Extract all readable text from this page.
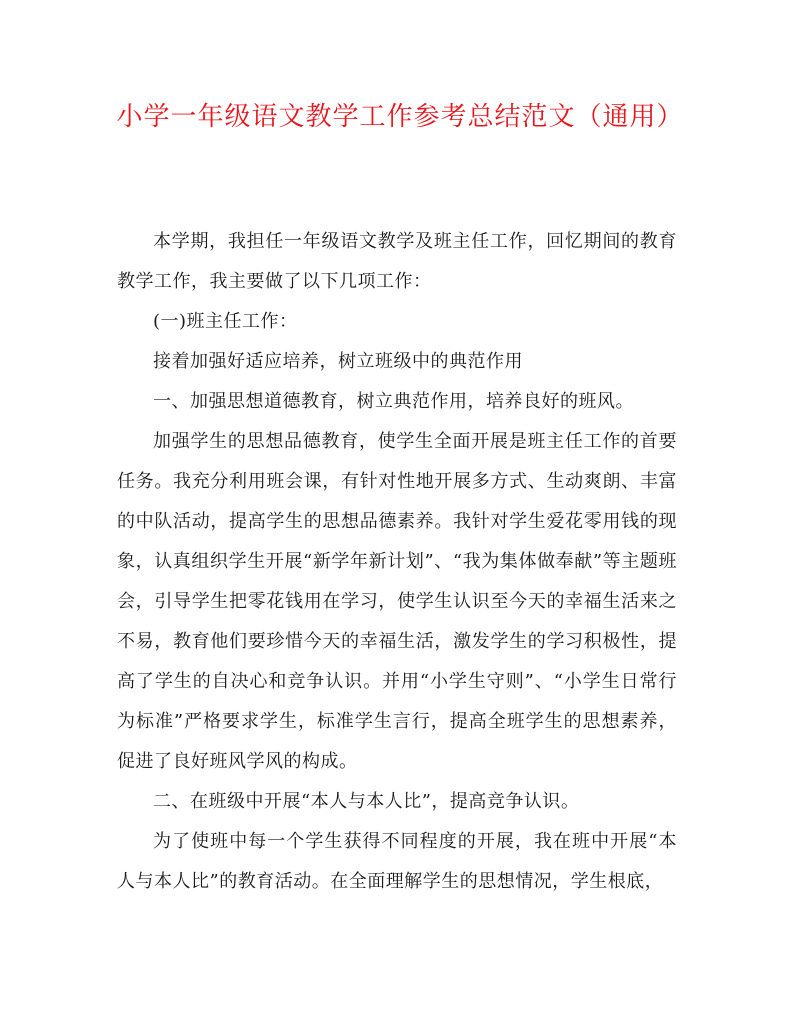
小学一年级语文教学工作参考总结范文（通用）

本学期，我担任一年级语文教学及班主任工作，回忆期间的教育教学工作，我主要做了以下几项工作：

(一)班主任工作：

接着加强好适应培养，树立班级中的典范作用

一、加强思想道德教育，树立典范作用，培养良好的班风。

加强学生的思想品德教育，使学生全面开展是班主任工作的首要任务。我充分利用班会课，有针对性地开展多方式、生动爽朗、丰富的中队活动，提高学生的思想品德素养。我针对学生爱花零用钱的现象，认真组织学生开展“新学年新计划”、“我为集体做奉献”等主题班会，引导学生把零花钱用在学习，使学生认识至今天的幸福生活来之不易，教育他们要珍惜今天的幸福生活，激发学生的学习积极性，提高了学生的自决心和竞争认识。并用“小学生守则”、“小学生日常行为标准”严格要求学生，标准学生言行，提高全班学生的思想素养，促进了良好班风学风的构成。

二、在班级中开展“本人与本人比”，提高竞争认识。

为了使班中每一个学生获得不同程度的开展，我在班中开展“本人与本人比”的教育活动。在全面理解学生的思想情况，学生根底，
